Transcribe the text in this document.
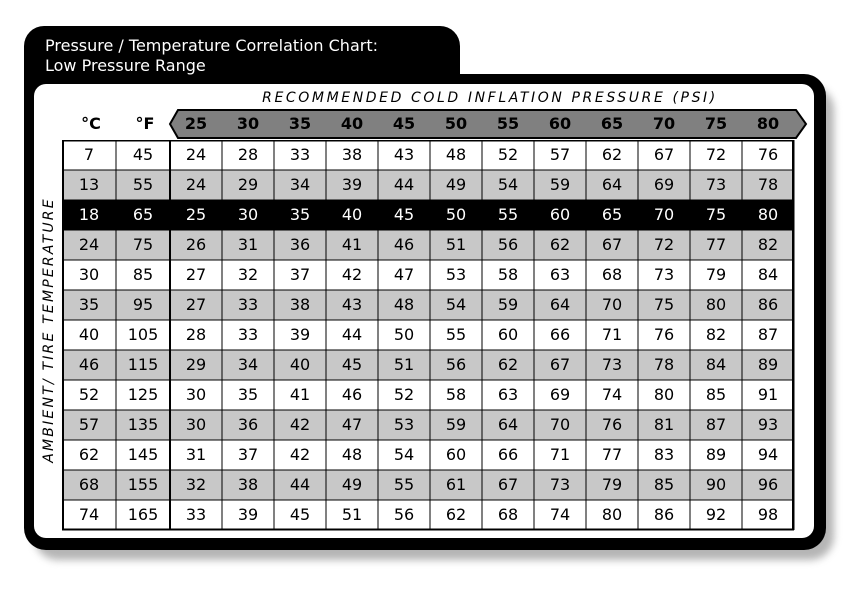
Pressure / Temperature Correlation Chart:
Low Pressure Range
RECOMMENDED COLD INFLATION PRESSURE (PSI)
AMBIENT/ TIRE TEMPERATURE
°C	°F	25	30	35	40	45	50	55	60	65	70	75	80
7	45	24	28	33	38	43	48	52	57	62	67	72	76
13	55	24	29	34	39	44	49	54	59	64	69	73	78
18	65	25	30	35	40	45	50	55	60	65	70	75	80
24	75	26	31	36	41	46	51	56	62	67	72	77	82
30	85	27	32	37	42	47	53	58	63	68	73	79	84
35	95	27	33	38	43	48	54	59	64	70	75	80	86
40	105	28	33	39	44	50	55	60	66	71	76	82	87
46	115	29	34	40	45	51	56	62	67	73	78	84	89
52	125	30	35	41	46	52	58	63	69	74	80	85	91
57	135	30	36	42	47	53	59	64	70	76	81	87	93
62	145	31	37	42	48	54	60	66	71	77	83	89	94
68	155	32	38	44	49	55	61	67	73	79	85	90	96
74	165	33	39	45	51	56	62	68	74	80	86	92	98
